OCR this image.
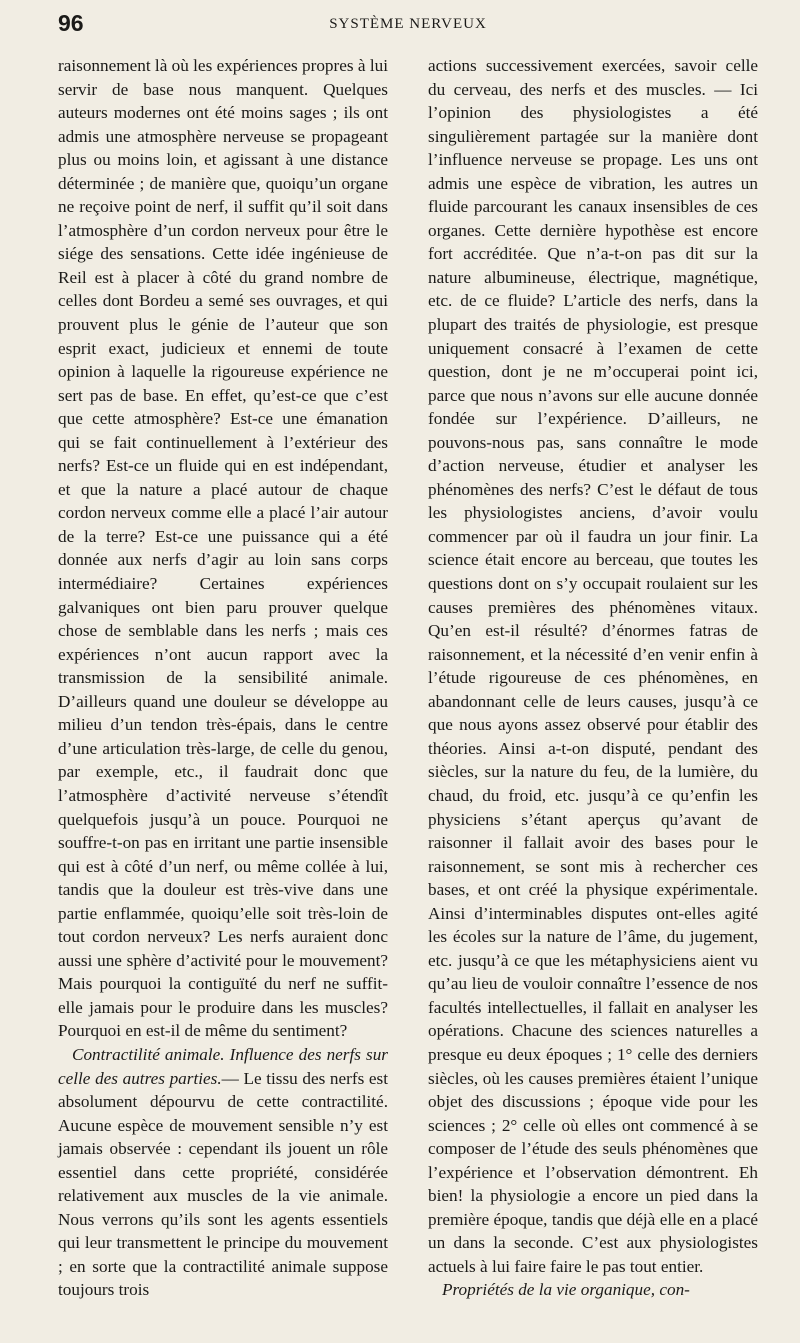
96	SYSTÈME NERVEUX

raisonnement là où les expériences propres à lui servir de base nous manquent. Quelques auteurs modernes ont été moins sages ; ils ont admis une atmosphère nerveuse se propageant plus ou moins loin, et agissant à une distance déterminée ; de manière que, quoiqu’un organe ne reçoive point de nerf, il suffit qu’il soit dans l’atmosphère d’un cordon nerveux pour être le siége des sensations. Cette idée ingénieuse de Reil est à placer à côté du grand nombre de celles dont Bordeu a semé ses ouvrages, et qui prouvent plus le génie de l’auteur que son esprit exact, judicieux et ennemi de toute opinion à laquelle la rigoureuse expérience ne sert pas de base. En effet, qu’est-ce que c’est que cette atmosphère? Est-ce une émanation qui se fait continuellement à l’extérieur des nerfs? Est-ce un fluide qui en est indépendant, et que la nature a placé autour de chaque cordon nerveux comme elle a placé l’air autour de la terre? Est-ce une puissance qui a été donnée aux nerfs d’agir au loin sans corps intermédiaire? Certaines expériences galvaniques ont bien paru prouver quelque chose de semblable dans les nerfs ; mais ces expériences n’ont aucun rapport avec la transmission de la sensibilité animale. D’ailleurs quand une douleur se développe au milieu d’un tendon très-épais, dans le centre d’une articulation très-large, de celle du genou, par exemple, etc., il faudrait donc que l’atmosphère d’activité nerveuse s’étendît quelquefois jusqu’à un pouce. Pourquoi ne souffre-t-on pas en irritant une partie insensible qui est à côté d’un nerf, ou même collée à lui, tandis que la douleur est très-vive dans une partie enflammée, quoiqu’elle soit très-loin de tout cordon nerveux? Les nerfs auraient donc aussi une sphère d’activité pour le mouvement? Mais pourquoi la contiguïté du nerf ne suffit-elle jamais pour le produire dans les muscles? Pourquoi en est-il de même du sentiment?

Contractilité animale. Influence des nerfs sur celle des autres parties.— Le tissu des nerfs est absolument dépourvu de cette contractilité. Aucune espèce de mouvement sensible n’y est jamais observée : cependant ils jouent un rôle essentiel dans cette propriété, considérée relativement aux muscles de la vie animale. Nous verrons qu’ils sont les agents essentiels qui leur transmettent le principe du mouvement ; en sorte que la contractilité animale suppose toujours trois

actions successivement exercées, savoir celle du cerveau, des nerfs et des muscles. — Ici l’opinion des physiologistes a été singulièrement partagée sur la manière dont l’influence nerveuse se propage. Les uns ont admis une espèce de vibration, les autres un fluide parcourant les canaux insensibles de ces organes. Cette dernière hypothèse est encore fort accréditée. Que n’a-t-on pas dit sur la nature albumineuse, électrique, magnétique, etc. de ce fluide? L’article des nerfs, dans la plupart des traités de physiologie, est presque uniquement consacré à l’examen de cette question, dont je ne m’occuperai point ici, parce que nous n’avons sur elle aucune donnée fondée sur l’expérience. D’ailleurs, ne pouvons-nous pas, sans connaître le mode d’action nerveuse, étudier et analyser les phénomènes des nerfs? C’est le défaut de tous les physiologistes anciens, d’avoir voulu commencer par où il faudra un jour finir. La science était encore au berceau, que toutes les questions dont on s’y occupait roulaient sur les causes premières des phénomènes vitaux. Qu’en est-il résulté? d’énormes fatras de raisonnement, et la nécessité d’en venir enfin à l’étude rigoureuse de ces phénomènes, en abandonnant celle de leurs causes, jusqu’à ce que nous ayons assez observé pour établir des théories. Ainsi a-t-on disputé, pendant des siècles, sur la nature du feu, de la lumière, du chaud, du froid, etc. jusqu’à ce qu’enfin les physiciens s’étant aperçus qu’avant de raisonner il fallait avoir des bases pour le raisonnement, se sont mis à rechercher ces bases, et ont créé la physique expérimentale. Ainsi d’interminables disputes ont-elles agité les écoles sur la nature de l’âme, du jugement, etc. jusqu’à ce que les métaphysiciens aient vu qu’au lieu de vouloir connaître l’essence de nos facultés intellectuelles, il fallait en analyser les opérations. Chacune des sciences naturelles a presque eu deux époques ; 1° celle des derniers siècles, où les causes premières étaient l’unique objet des discussions ; époque vide pour les sciences ; 2° celle où elles ont commencé à se composer de l’étude des seuls phénomènes que l’expérience et l’observation démontrent. Eh bien! la physiologie a encore un pied dans la première époque, tandis que déjà elle en a placé un dans la seconde. C’est aux physiologistes actuels à lui faire faire le pas tout entier.

Propriétés de la vie organique, con-
